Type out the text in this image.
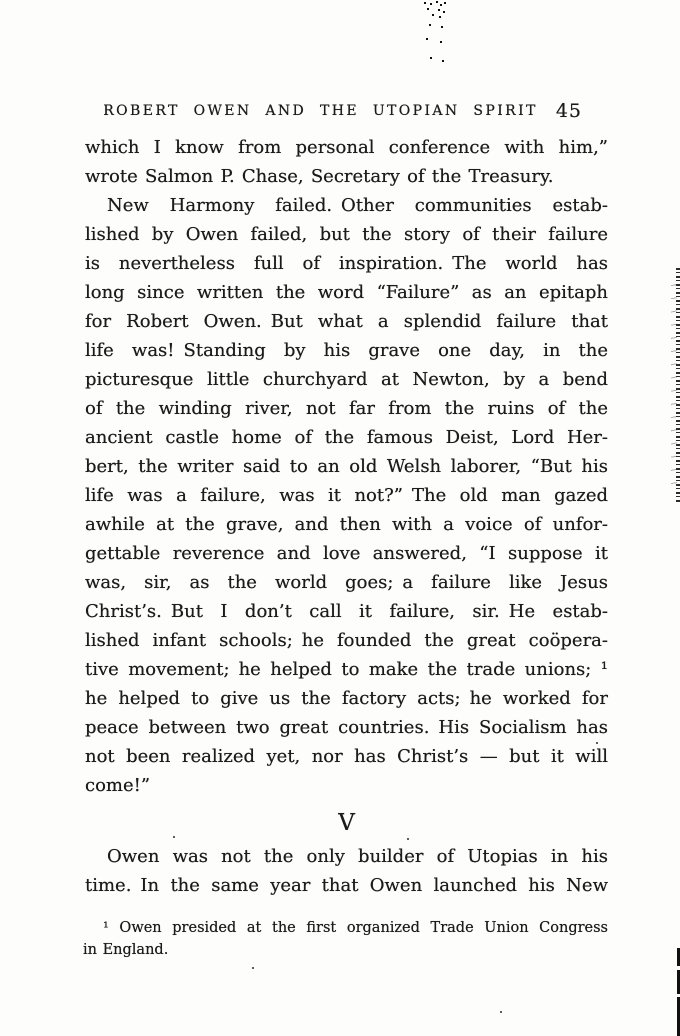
ROBERT OWEN AND THE UTOPIAN SPIRIT 45
which I know from personal conference with him,”
wrote Salmon P. Chase, Secretary of the Treasury.
New Harmony failed. Other communities estab-
lished by Owen failed, but the story of their failure
is nevertheless full of inspiration. The world has
long since written the word “Failure” as an epitaph
for Robert Owen. But what a splendid failure that
life was! Standing by his grave one day, in the
picturesque little churchyard at Newton, by a bend
of the winding river, not far from the ruins of the
ancient castle home of the famous Deist, Lord Her-
bert, the writer said to an old Welsh laborer, “But his
life was a failure, was it not?” The old man gazed
awhile at the grave, and then with a voice of unfor-
gettable reverence and love answered, “I suppose it
was, sir, as the world goes; a failure like Jesus
Christ’s. But I don’t call it failure, sir. He estab-
lished infant schools; he founded the great coöpera-
tive movement; he helped to make the trade unions; ¹
he helped to give us the factory acts; he worked for
peace between two great countries. His Socialism has
not been realized yet, nor has Christ’s — but it will
come!”
V
Owen was not the only builder of Utopias in his
time. In the same year that Owen launched his New
¹ Owen presided at the first organized Trade Union Congress
in England.
